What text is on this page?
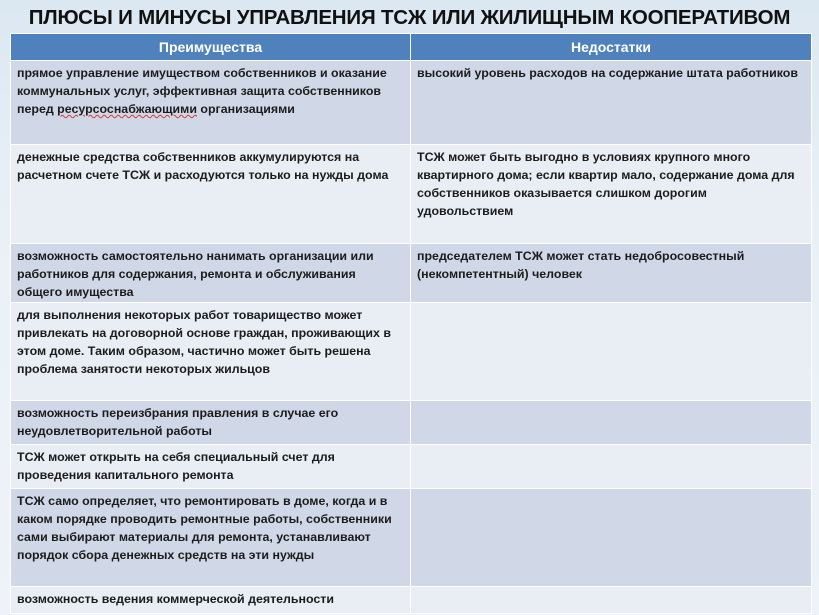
ПЛЮСЫ И МИНУСЫ УПРАВЛЕНИЯ ТСЖ ИЛИ ЖИЛИЩНЫМ КООПЕРАТИВОМ
Преимущества	Недостатки
прямое управление имуществом собственников и оказание коммунальных услуг, эффективная защита собственников перед ресурсоснабжающими организациями	высокий уровень расходов на содержание штата работников
денежные средства собственников аккумулируются на расчетном счете ТСЖ и расходуются только на нужды дома	ТСЖ может быть выгодно в условиях крупного много квартирного дома; если квартир мало, содержание дома для собственников оказывается слишком дорогим удовольствием
возможность самостоятельно нанимать организации или работников для содержания, ремонта и обслуживания общего имущества	председателем ТСЖ может стать недобросовестный (некомпетентный) человек
для выполнения некоторых работ товарищество может привлекать на договорной основе граждан, проживающих в этом доме. Таким образом, частично может быть решена проблема занятости некоторых жильцов	
возможность переизбрания правления в случае его неудовлетворительной работы	
ТСЖ может открыть на себя специальный счет для проведения капитального ремонта	
ТСЖ само определяет, что ремонтировать в доме, когда и в каком порядке проводить ремонтные работы, собственники сами выбирают материалы для ремонта, устанавливают порядок сбора денежных средств на эти нужды	
возможность ведения коммерческой деятельности	
